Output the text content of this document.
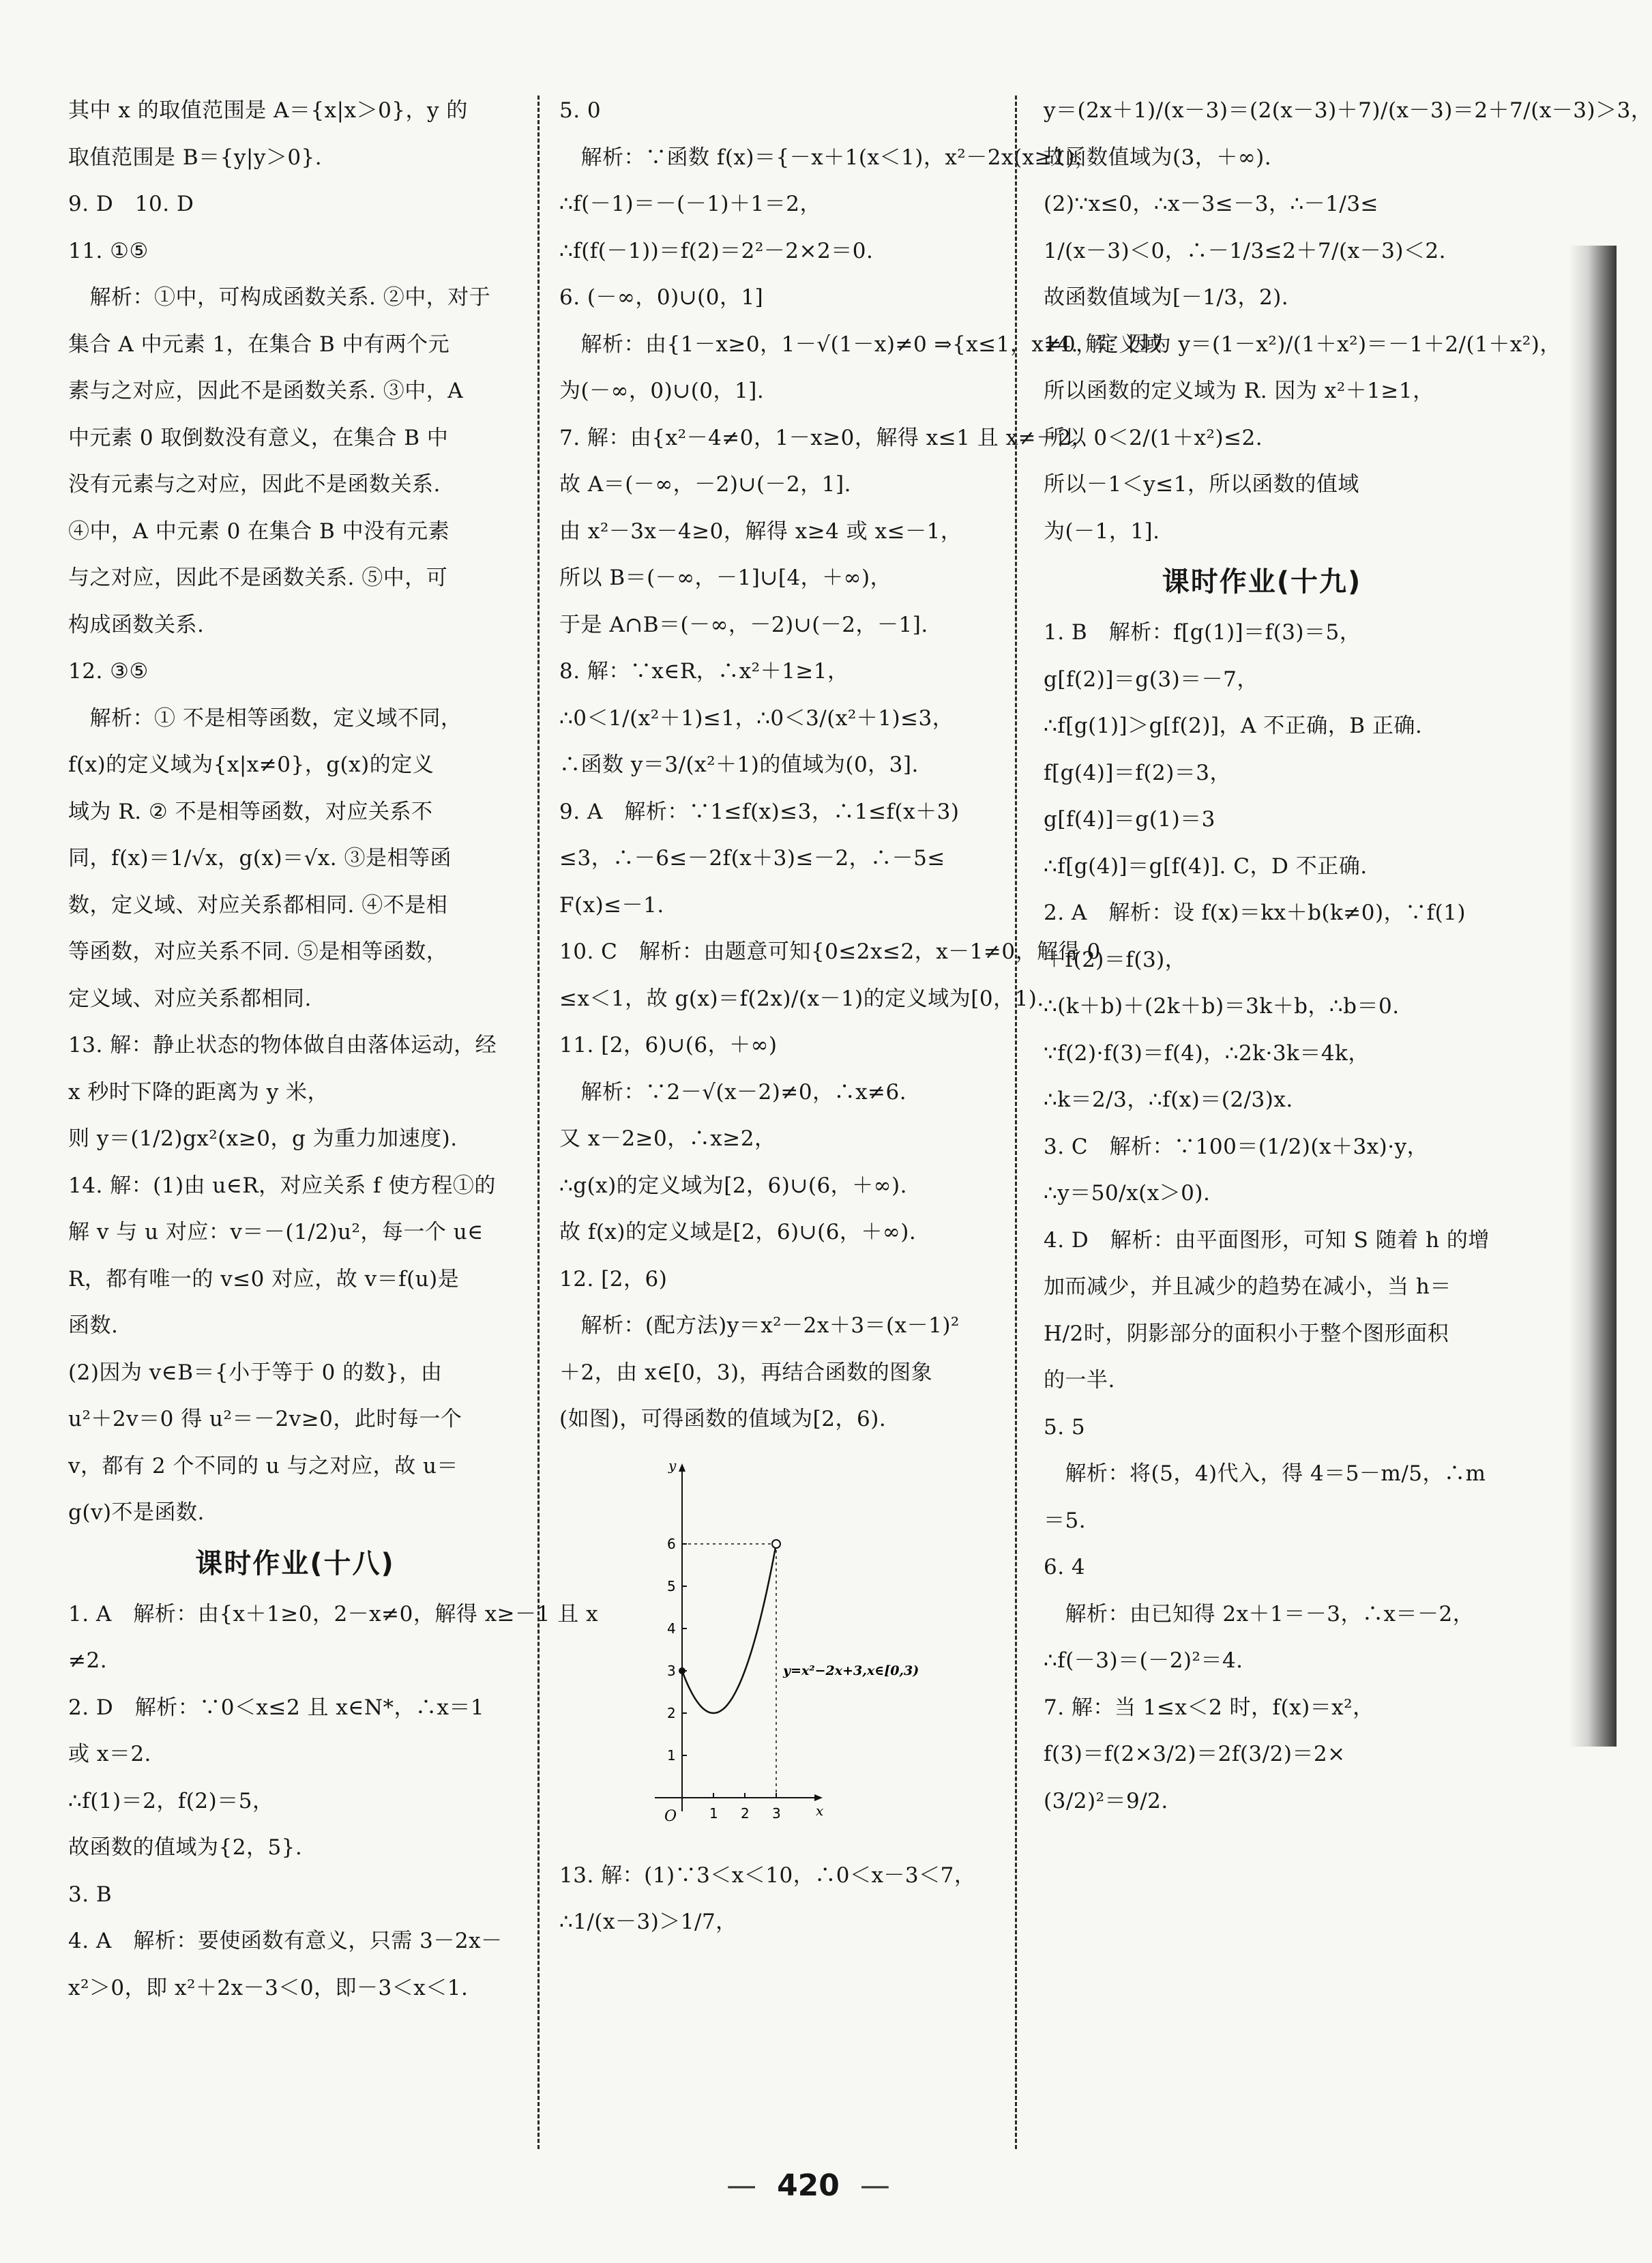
其中 x 的取值范围是 A＝{x|x＞0}，y 的
取值范围是 B＝{y|y＞0}.
9. D　10. D
11. ①⑤
　解析：①中，可构成函数关系. ②中，对于
集合 A 中元素 1，在集合 B 中有两个元
素与之对应，因此不是函数关系. ③中，A
中元素 0 取倒数没有意义，在集合 B 中
没有元素与之对应，因此不是函数关系.
④中，A 中元素 0 在集合 B 中没有元素
与之对应，因此不是函数关系. ⑤中，可
构成函数关系.
12. ③⑤
　解析：① 不是相等函数，定义域不同，
f(x)的定义域为{x|x≠0}，g(x)的定义
域为 R. ② 不是相等函数，对应关系不
同，f(x)＝1/√x，g(x)＝√x. ③是相等函
数，定义域、对应关系都相同. ④不是相
等函数，对应关系不同. ⑤是相等函数，
定义域、对应关系都相同.
13. 解：静止状态的物体做自由落体运动，经
x 秒时下降的距离为 y 米，
则 y＝(1/2)gx²(x≥0，g 为重力加速度).
14. 解：(1)由 u∈R，对应关系 f 使方程①的
解 v 与 u 对应：v＝－(1/2)u²，每一个 u∈
R，都有唯一的 v≤0 对应，故 v＝f(u)是
函数.
(2)因为 v∈B＝{小于等于 0 的数}，由
u²＋2v＝0 得 u²＝－2v≥0，此时每一个
v，都有 2 个不同的 u 与之对应，故 u＝
g(v)不是函数.
课时作业(十八)
1. A　解析：由{x＋1≥0，2－x≠0，解得 x≥－1 且 x
≠2.
2. D　解析：∵0＜x≤2 且 x∈N*，∴x＝1
或 x＝2.
∴f(1)＝2，f(2)＝5，
故函数的值域为{2，5}.
3. B
4. A　解析：要使函数有意义，只需 3－2x－
x²＞0，即 x²＋2x－3＜0，即－3＜x＜1.
5. 0
　解析：∵函数 f(x)＝{－x＋1(x＜1)，x²－2x(x≥1)，
∴f(－1)＝－(－1)＋1＝2，
∴f(f(－1))＝f(2)＝2²－2×2＝0.
6. (－∞，0)∪(0，1]
　解析：由{1－x≥0，1－√(1－x)≠0 ⇒{x≤1，x≠0，定义域
为(－∞，0)∪(0，1].
7. 解：由{x²－4≠0，1－x≥0，解得 x≤1 且 x≠－2，
故 A＝(－∞，－2)∪(－2，1].
由 x²－3x－4≥0，解得 x≥4 或 x≤－1，
所以 B＝(－∞，－1]∪[4，＋∞)，
于是 A∩B＝(－∞，－2)∪(－2，－1].
8. 解：∵x∈R，∴x²＋1≥1，
∴0＜1/(x²＋1)≤1，∴0＜3/(x²＋1)≤3，
∴函数 y＝3/(x²＋1)的值域为(0，3].
9. A　解析：∵1≤f(x)≤3，∴1≤f(x＋3)
≤3，∴－6≤－2f(x＋3)≤－2，∴－5≤
F(x)≤－1.
10. C　解析：由题意可知{0≤2x≤2，x－1≠0，解得 0
≤x＜1，故 g(x)＝f(2x)/(x－1)的定义域为[0，1).
11. [2，6)∪(6，＋∞)
　解析：∵2－√(x－2)≠0，∴x≠6.
又 x－2≥0，∴x≥2，
∴g(x)的定义域为[2，6)∪(6，＋∞).
故 f(x)的定义域是[2，6)∪(6，＋∞).
12. [2，6)
　解析：(配方法)y＝x²－2x＋3＝(x－1)²
＋2，由 x∈[0，3)，再结合函数的图象
(如图)，可得函数的值域为[2，6).
y
x
O
1
2
3
4
5
6
1 2 3
y=x²−2x+3,x∈[0,3)
13. 解：(1)∵3＜x＜10，∴0＜x－3＜7，
∴1/(x－3)＞1/7，
y＝(2x＋1)/(x－3)＝(2(x－3)＋7)/(x－3)＝2＋7/(x－3)＞3，
故函数值域为(3，＋∞).
(2)∵x≤0，∴x－3≤－3，∴－1/3≤
1/(x－3)＜0，∴－1/3≤2＋7/(x－3)＜2.
故函数值域为[－1/3，2).
14. 解：因为 y＝(1－x²)/(1＋x²)＝－1＋2/(1＋x²)，
所以函数的定义域为 R. 因为 x²＋1≥1，
所以 0＜2/(1＋x²)≤2.
所以－1＜y≤1，所以函数的值域
为(－1，1].
课时作业(十九)
1. B　解析：f[g(1)]＝f(3)＝5，
g[f(2)]＝g(3)＝－7，
∴f[g(1)]＞g[f(2)]，A 不正确，B 正确.
f[g(4)]＝f(2)＝3，
g[f(4)]＝g(1)＝3
∴f[g(4)]＝g[f(4)]. C，D 不正确.
2. A　解析：设 f(x)＝kx＋b(k≠0)，∵f(1)
＋f(2)＝f(3)，
∴(k＋b)＋(2k＋b)＝3k＋b，∴b＝0.
∵f(2)·f(3)＝f(4)，∴2k·3k＝4k，
∴k＝2/3，∴f(x)＝(2/3)x.
3. C　解析：∵100＝(1/2)(x＋3x)·y，
∴y＝50/x(x＞0).
4. D　解析：由平面图形，可知 S 随着 h 的增
加而减少，并且减少的趋势在减小，当 h＝
H/2时，阴影部分的面积小于整个图形面积
的一半.
5. 5
　解析：将(5，4)代入，得 4＝5－m/5，∴m
＝5.
6. 4
　解析：由已知得 2x＋1＝－3，∴x＝－2，
∴f(－3)＝(－2)²＝4.
7. 解：当 1≤x＜2 时，f(x)＝x²，
f(3)＝f(2×3/2)＝2f(3/2)＝2×
(3/2)²＝9/2.
— 420 —
